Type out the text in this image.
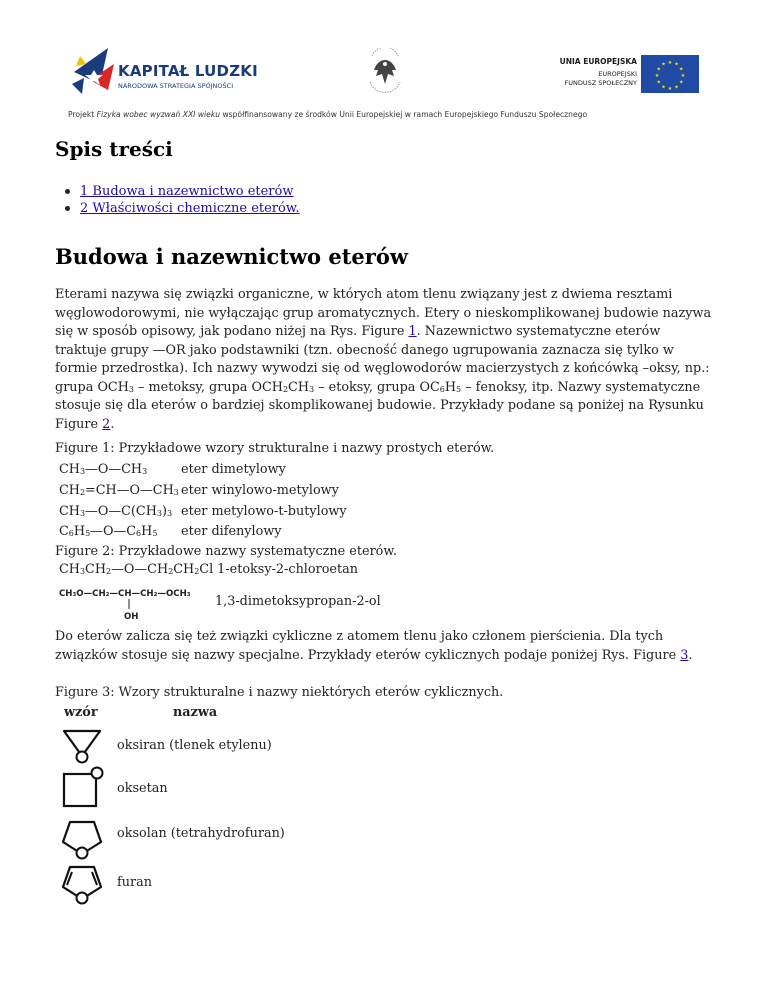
KAPITAŁ LUDZKI
NARODOWA STRATEGIA SPÓJNOŚCI
UNIA EUROPEJSKA
EUROPEJSKI
FUNDUSZ SPOŁECZNY
★ ★
★
★
★
★
★
★
★
★
★
★
Projekt Fizyka wobec wyzwań XXI wieku współfinansowany ze środków Unii Europejskiej w ramach Europejskiego Funduszu Społecznego
Spis treści
1 Budowa i nazewnictwo eterów
2 Właściwości chemiczne eterów.
Budowa i nazewnictwo eterów

Eterami nazywa się związki organiczne, w których atom tlenu związany jest z dwiema resztami węglowodorowymi, nie wyłączając grup aromatycznych. Etery o nieskomplikowanej budowie nazywa się w sposób opisowy, jak podano niżej na Rys. Figure 1. Nazewnictwo systematyczne eterów traktuje grupy —OR jako podstawniki (tzn. obecność danego ugrupowania zaznacza się tylko w formie przedrostka). Ich nazwy wywodzi się od węglowodorów macierzystych z końcówką –oksy, np.: grupa $OCH_3$ – metoksy, grupa $OCH_2CH_3$ – etoksy, grupa $OC_6H_5$ – fenoksy, itp. Nazwy systematyczne stosuje się dla eterów o bardziej skomplikowanej budowie. Przykłady podane są poniżej na Rysunku Figure 2.

Figure 1: Przykładowe wzory strukturalne i nazwy prostych eterów.

$CH_3—O—CH_3$	eter dimetylowy
$CH_2=CH—O—CH_3$ eter winylowo-metylowy
$CH_3—O—C(CH_3)_3$ eter metylowo-t-butylowy
$C_6H_5—O—C_6H_5$ eter difenylowy

Figure 2: Przykładowe nazwy systematyczne eterów.

$CH_3CH_2—O—CH_2CH_2Cl$ 1-etoksy-2-chloroetan
CH₃O—CH₂—CH—CH₂—OCH₃
OH
1,3-dimetoksypropan-2-ol

Do eterów zalicza się też związki cykliczne z atomem tlenu jako członem pierścienia. Dla tych związków stosuje się nazwy specjalne. Przykłady eterów cyklicznych podaje poniżej Rys. Figure 3.

Figure 3: Wzory strukturalne i nazwy niektórych eterów cyklicznych.

wzór	nazwa
oksiran (tlenek etylenu)
oksetan
oksolan (tetrahydrofuran)
furan
